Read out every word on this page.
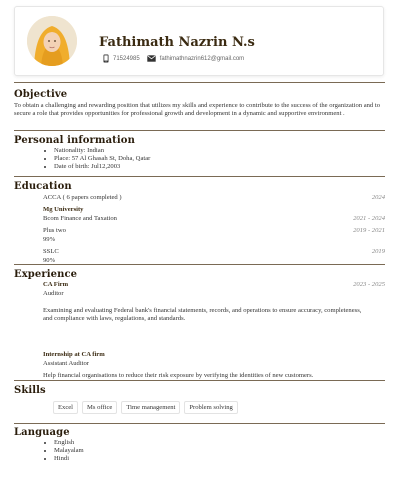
Fathimath Nazrin N.s
71524985	fathimathnazrin612@gmail.com
Objective
To obtain a challenging and rewarding position that utilizes my skills and experience to contribute to the success of the organization and to secure a role that provides opportunities for professional growth and development in a dynamic and supportive environment .
Personal information
• Nationality: Indian
• Place: 57 Al Ghasah St, Doha, Qatar
• Date of birth: Jul12,2003
Education
ACCA ( 6 papers completed )	2024
Mg University
Bcom Finance and Taxation	2021 - 2024
Plus two	2019 - 2021
99%
SSLC	2019
90%
Experience
CA Firm	2023 - 2025
Auditor
Examining and evaluating Federal bank's financial statements, records, and operations to ensure accuracy, completeness, and compliance with laws, regulations, and standards.
Internship at CA firm
Assistant Auditor
Help financial organisations to reduce their risk exposure by verifying the identities of new customers.
Skills
Excel	Ms office	Time management	Problem solving
Language
• English
• Malayalam
• Hindi
